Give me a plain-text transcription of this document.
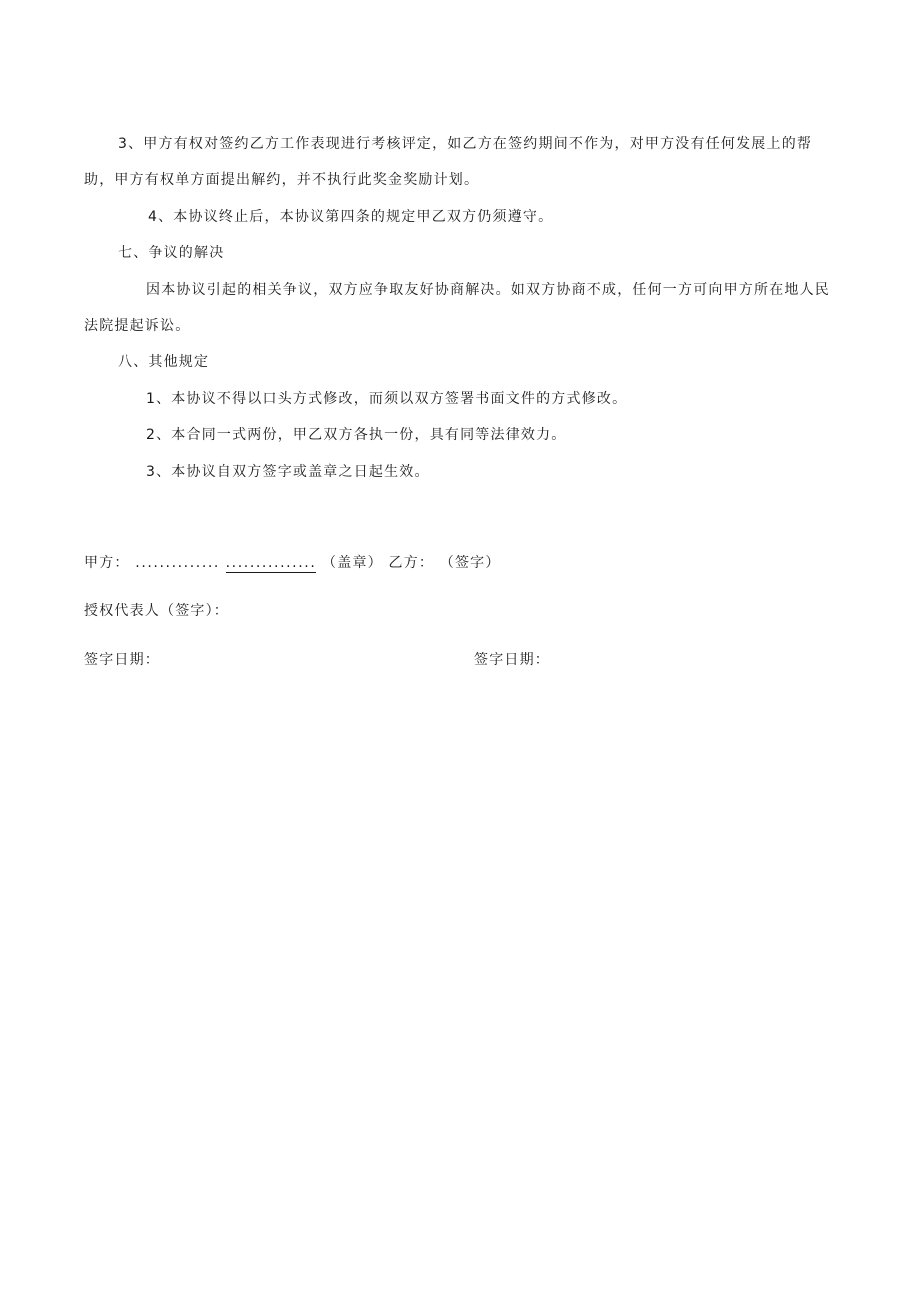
3、甲方有权对签约乙方工作表现进行考核评定，如乙方在签约期间不作为，对甲方没有任何发展上的帮
助，甲方有权单方面提出解约，并不执行此奖金奖励计划。
4、本协议终止后，本协议第四条的规定甲乙双方仍须遵守。
七、争议的解决
因本协议引起的相关争议，双方应争取友好协商解决。如双方协商不成，任何一方可向甲方所在地人民
法院提起诉讼。
八、其他规定
1、本协议不得以口头方式修改，而须以双方签署书面文件的方式修改。
2、本合同一式两份，甲乙双方各执一份，具有同等法律效力。
3、本协议自双方签字或盖章之日起生效。
甲方： .............. ............... （盖章） 乙方： （签字）
授权代表人（签字）：
签字日期：	签字日期：
